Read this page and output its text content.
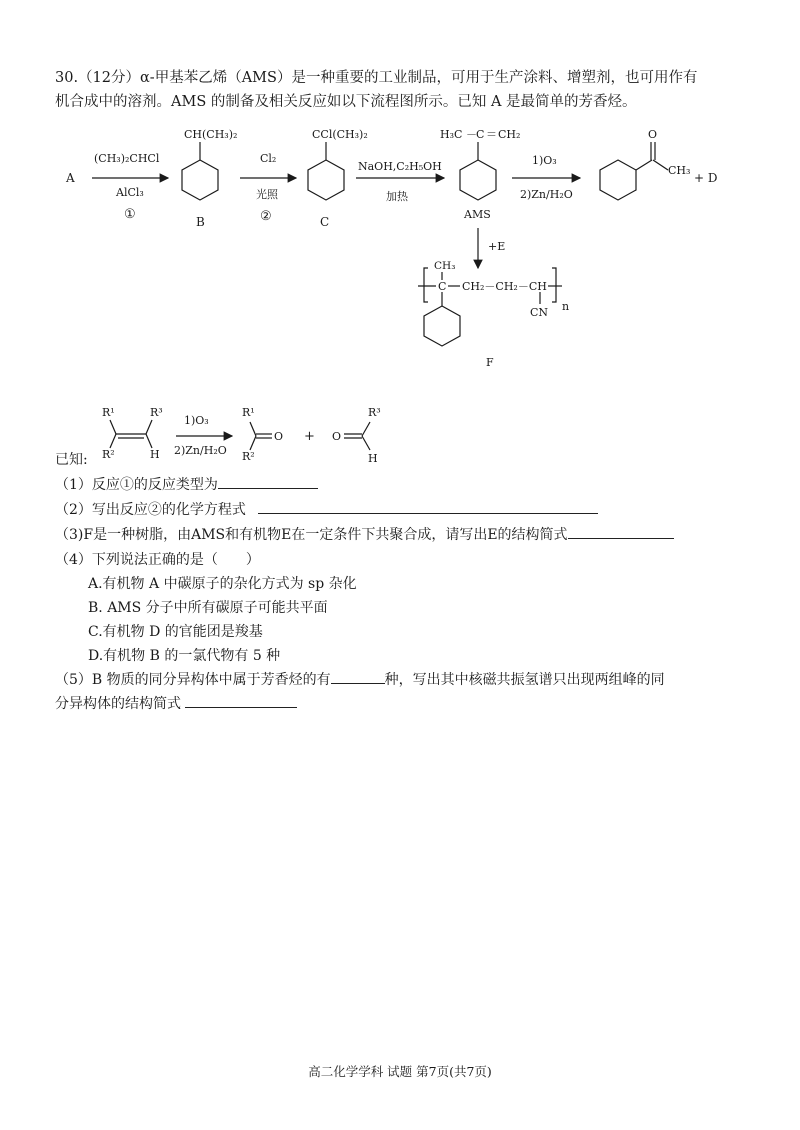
30.（12分）α-甲基苯乙烯（AMS）是一种重要的工业制品，可用于生产涂料、增塑剂，也可用作有
机合成中的溶剂。AMS 的制备及相关反应如以下流程图所示。已知 A 是最简单的芳香烃。
A
(CH₃)₂CHCl
AlCl₃
①
CH(CH₃)₂
B
Cl₂
光照
②
CCl(CH₃)₂
C
NaOH,C₂H₅OH
加热
H₃C － C ＝ CH₂
AMS
1)O₃
2)Zn/H₂O
O
CH₃
+ D
+E
CH₃
C CH₂－CH₂－CH
CN n
F
已知:
R¹
R²
R³
H
1)O₃
2)Zn/H₂O
R¹
R²
O + O
R³
H
（1）反应①的反应类型为
（2）写出反应②的化学方程式
（3)F是一种树脂，由AMS和有机物E在一定条件下共聚合成，请写出E的结构简式
（4）下列说法正确的是（　　）
A.有机物 A 中碳原子的杂化方式为 sp 杂化
B. AMS 分子中所有碳原子可能共平面
C.有机物 D 的官能团是羧基
D.有机物 B 的一氯代物有 5 种
（5）B 物质的同分异构体中属于芳香烃的有	种，写出其中核磁共振氢谱只出现两组峰的同
分异构体的结构简式
高二化学学科 试题 第7页(共7页)
